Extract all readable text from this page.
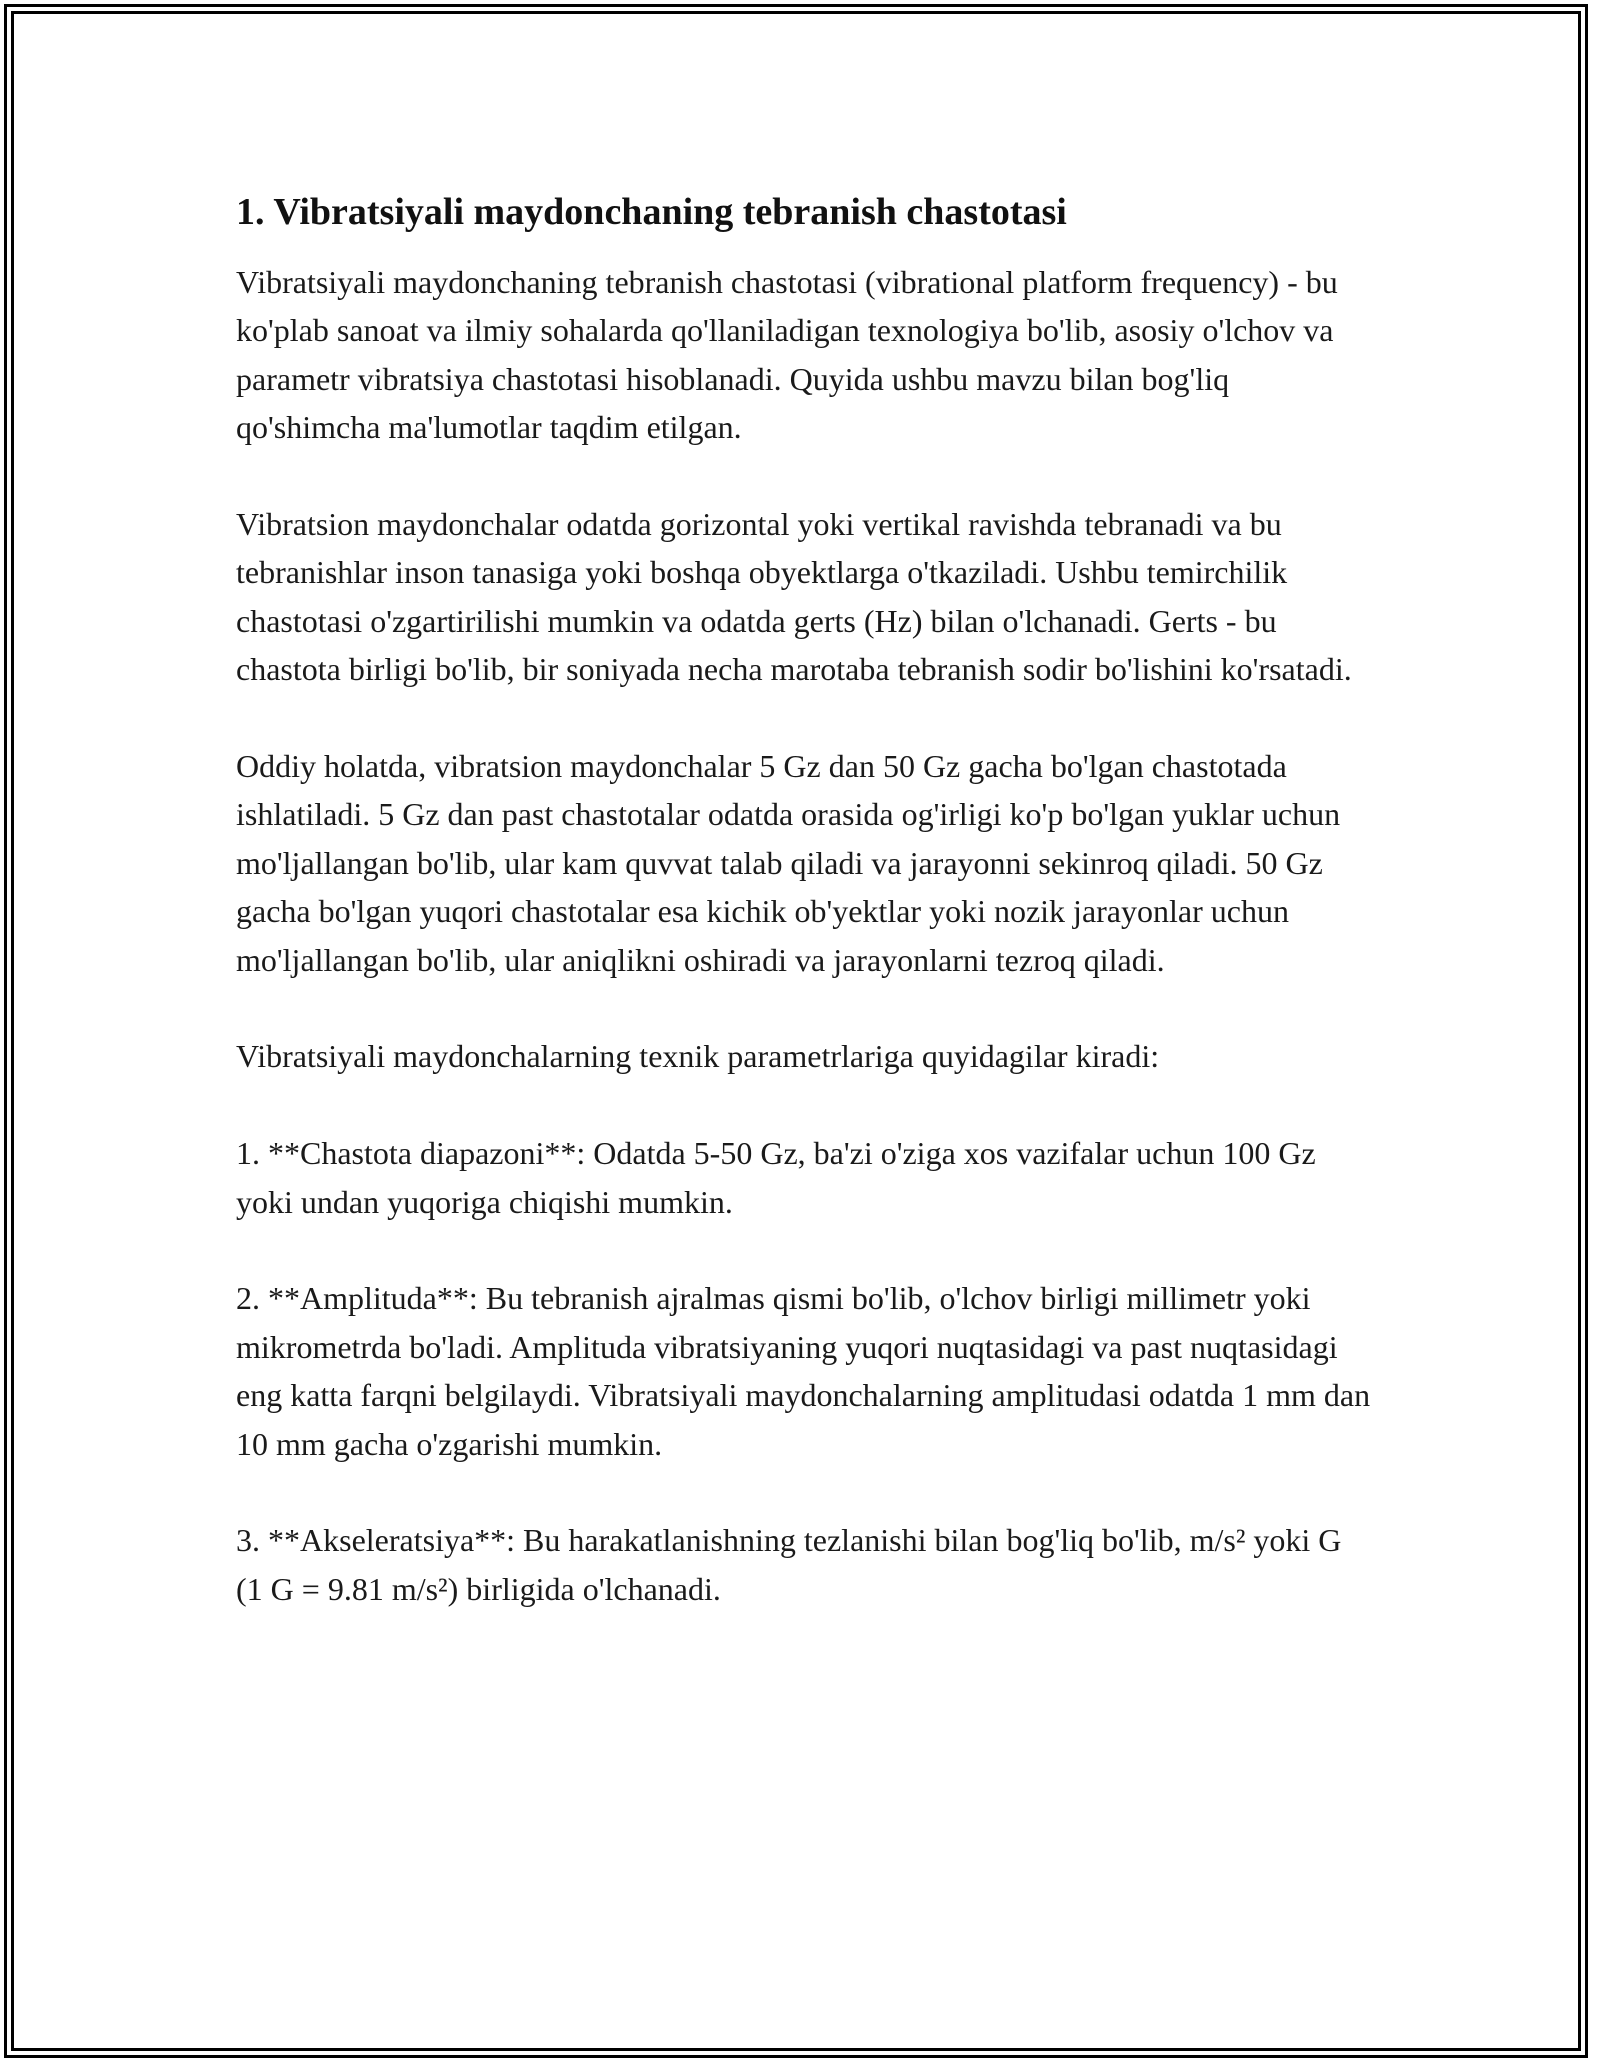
1. Vibratsiyali maydonchaning tebranish chastotasi

Vibratsiyali maydonchaning tebranish chastotasi (vibrational platform frequency) - bu ko'plab sanoat va ilmiy sohalarda qo'llaniladigan texnologiya bo'lib, asosiy o'lchov va parametr vibratsiya chastotasi hisoblanadi. Quyida ushbu mavzu bilan bog'liq qo'shimcha ma'lumotlar taqdim etilgan.

Vibratsion maydonchalar odatda gorizontal yoki vertikal ravishda tebranadi va bu tebranishlar inson tanasiga yoki boshqa obyektlarga o'tkaziladi. Ushbu temirchilik chastotasi o'zgartirilishi mumkin va odatda gerts (Hz) bilan o'lchanadi. Gerts - bu chastota birligi bo'lib, bir soniyada necha marotaba tebranish sodir bo'lishini ko'rsatadi.

Oddiy holatda, vibratsion maydonchalar 5 Gz dan 50 Gz gacha bo'lgan chastotada ishlatiladi. 5 Gz dan past chastotalar odatda orasida og'irligi ko'p bo'lgan yuklar uchun mo'ljallangan bo'lib, ular kam quvvat talab qiladi va jarayonni sekinroq qiladi. 50 Gz gacha bo'lgan yuqori chastotalar esa kichik ob'yektlar yoki nozik jarayonlar uchun mo'ljallangan bo'lib, ular aniqlikni oshiradi va jarayonlarni tezroq qiladi.

Vibratsiyali maydonchalarning texnik parametrlariga quyidagilar kiradi:

1. **Chastota diapazoni**: Odatda 5-50 Gz, ba'zi o'ziga xos vazifalar uchun 100 Gz yoki undan yuqoriga chiqishi mumkin.

2. **Amplituda**: Bu tebranish ajralmas qismi bo'lib, o'lchov birligi millimetr yoki mikrometrda bo'ladi. Amplituda vibratsiyaning yuqori nuqtasidagi va past nuqtasidagi eng katta farqni belgilaydi. Vibratsiyali maydonchalarning amplitudasi odatda 1 mm dan 10 mm gacha o'zgarishi mumkin.

3. **Akseleratsiya**: Bu harakatlanishning tezlanishi bilan bog'liq bo'lib, m/s² yoki G (1 G = 9.81 m/s²) birligida o'lchanadi.
